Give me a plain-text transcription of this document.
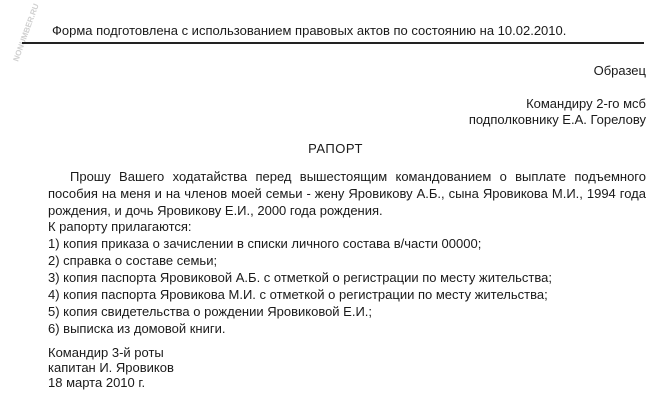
NONUMBER.RU Форма подготовлена с использованием правовых актов по состоянию на 10.02.2010.
Образец
Командиру 2-го мсб
подполковнику Е.А. Горелову
РАПОРТ
Прошу Вашего ходатайства перед вышестоящим командованием о выплате подъемного
пособия на меня и на членов моей семьи - жену Яровикову А.Б., сына Яровикова М.И., 1994 года
рождения, и дочь Яровикову Е.И., 2000 года рождения.
К рапорту прилагаются:
1) копия приказа о зачислении в списки личного состава в/части 00000;
2) справка о составе семьи;
3) копия паспорта Яровиковой А.Б. с отметкой о регистрации по месту жительства;
4) копия паспорта Яровикова М.И. с отметкой о регистрации по месту жительства;
5) копия свидетельства о рождении Яровиковой Е.И.;
6) выписка из домовой книги.
Командир 3-й роты
капитан И. Яровиков
18 марта 2010 г.
